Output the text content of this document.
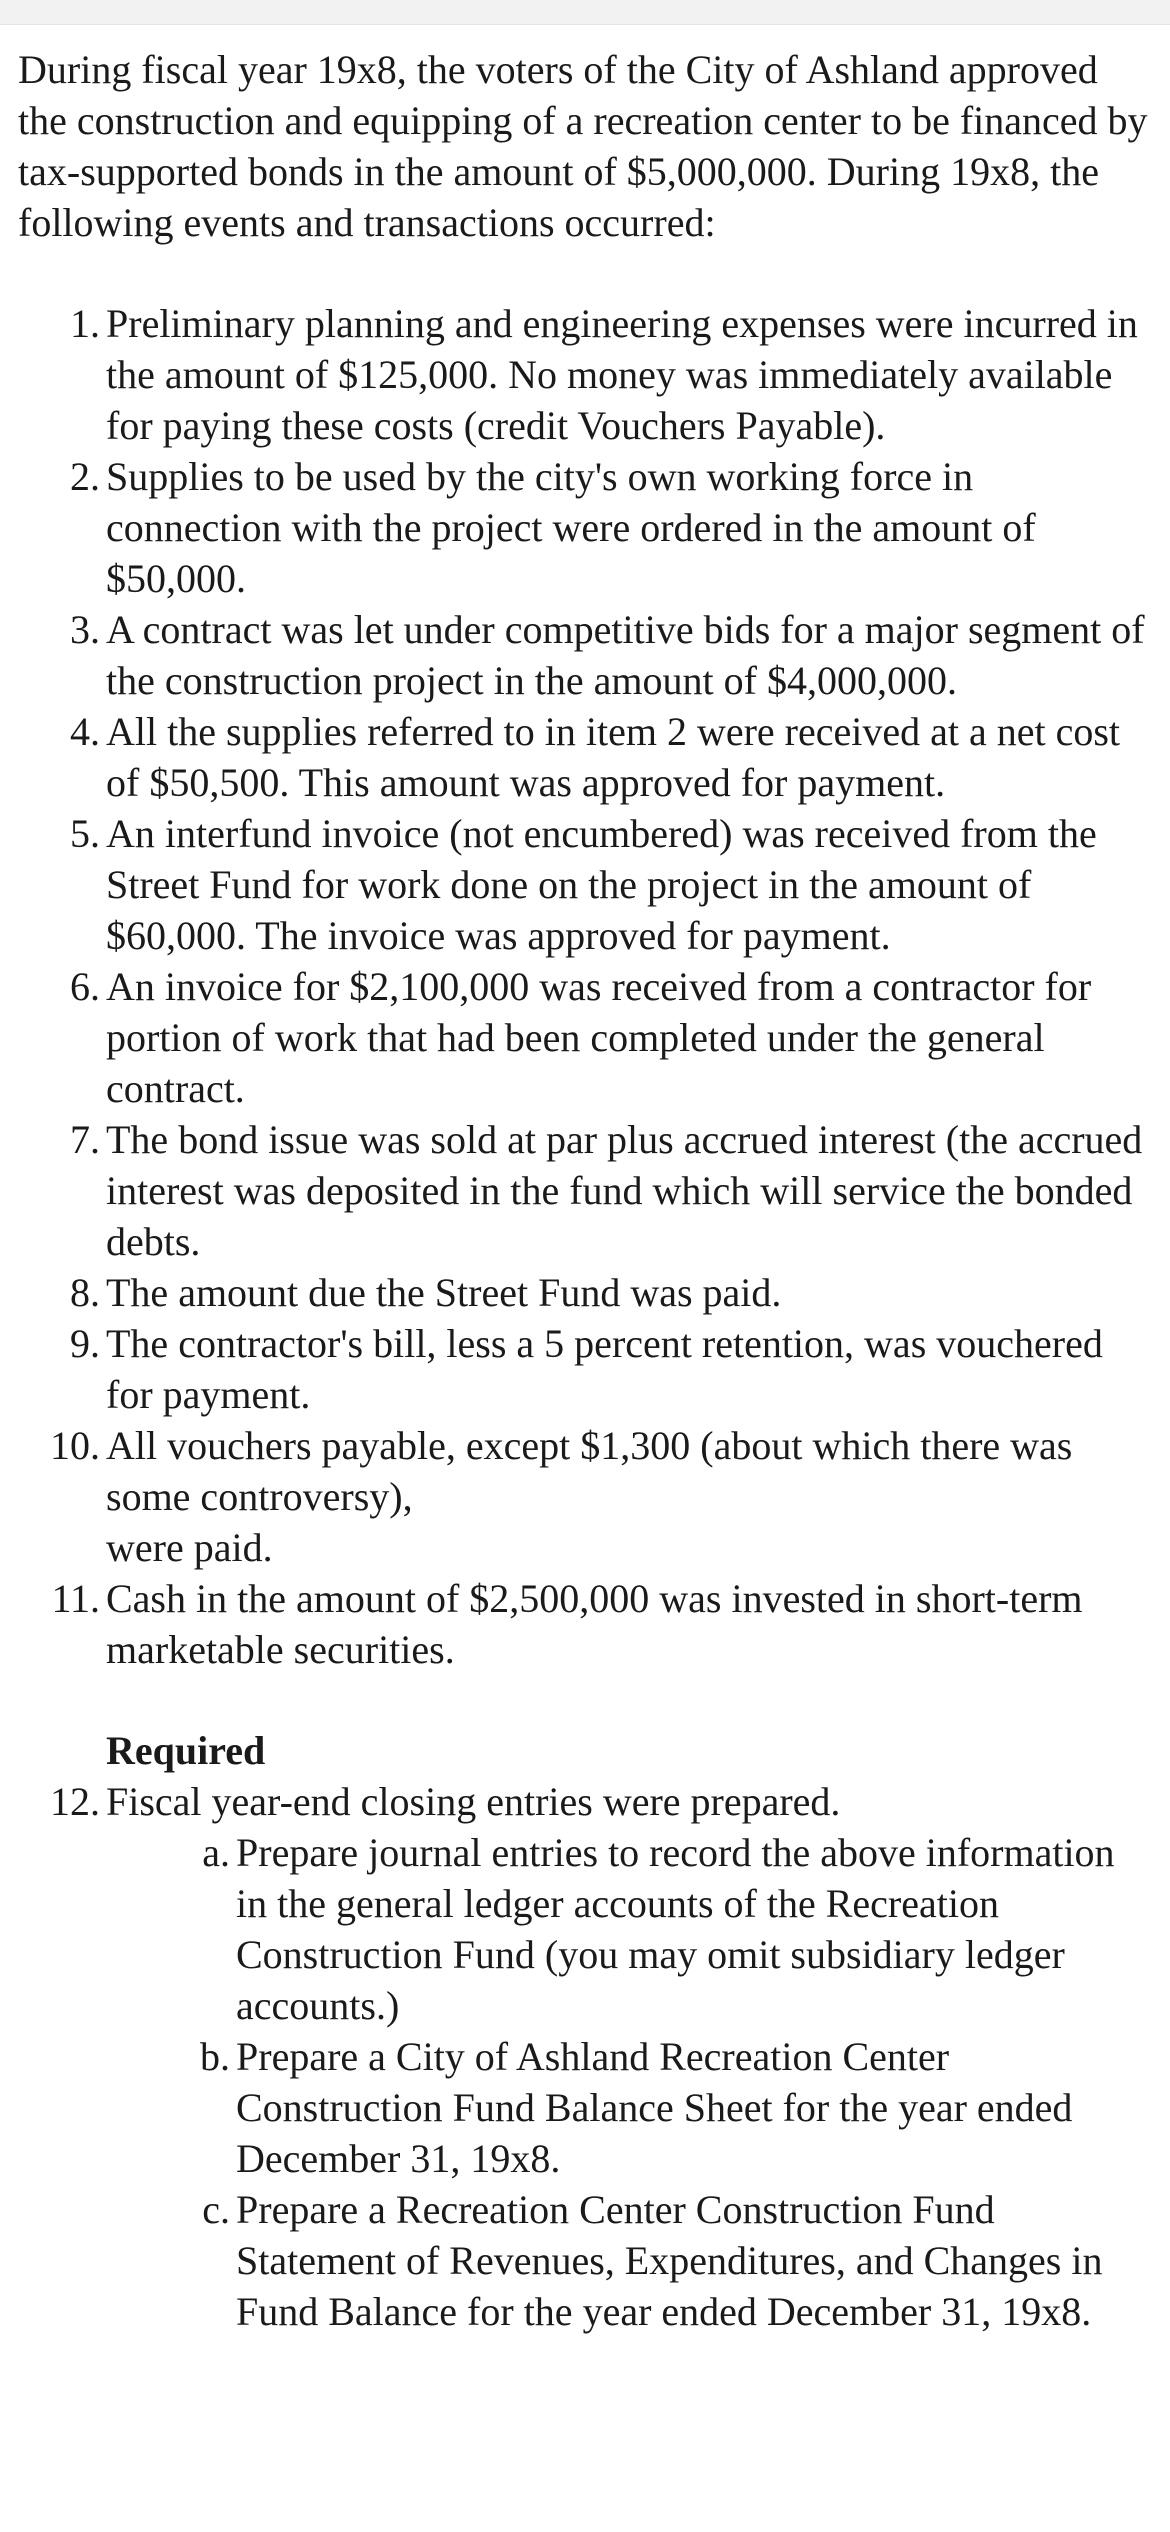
During fiscal year 19x8, the voters of the City of Ashland approved the construction and equipping of a recreation center to be financed by tax-supported bonds in the amount of $5,000,000. During 19x8, the following events and transactions occurred:

1. Preliminary planning and engineering expenses were incurred in the amount of $125,000. No money was immediately available for paying these costs (credit Vouchers Payable).
2. Supplies to be used by the city's own working force in connection with the project were ordered in the amount of $50,000.
3. A contract was let under competitive bids for a major segment of the construction project in the amount of $4,000,000.
4. All the supplies referred to in item 2 were received at a net cost of $50,500. This amount was approved for payment.
5. An interfund invoice (not encumbered) was received from the Street Fund for work done on the project in the amount of $60,000. The invoice was approved for payment.
6. An invoice for $2,100,000 was received from a contractor for portion of work that had been completed under the general contract.
7. The bond issue was sold at par plus accrued interest (the accrued interest was deposited in the fund which will service the bonded debts.
8. The amount due the Street Fund was paid.
9. The contractor's bill, less a 5 percent retention, was vouchered for payment.
10. All vouchers payable, except $1,300 (about which there was some controversy),
were paid.
11. Cash in the amount of $2,500,000 was invested in short-term marketable securities.
Required
12. Fiscal year-end closing entries were prepared.
a. Prepare journal entries to record the above information in the general ledger accounts of the Recreation Construction Fund (you may omit subsidiary ledger accounts.)
b. Prepare a City of Ashland Recreation Center Construction Fund Balance Sheet for the year ended December 31, 19x8.
c. Prepare a Recreation Center Construction Fund Statement of Revenues, Expenditures, and Changes in Fund Balance for the year ended December 31, 19x8.
